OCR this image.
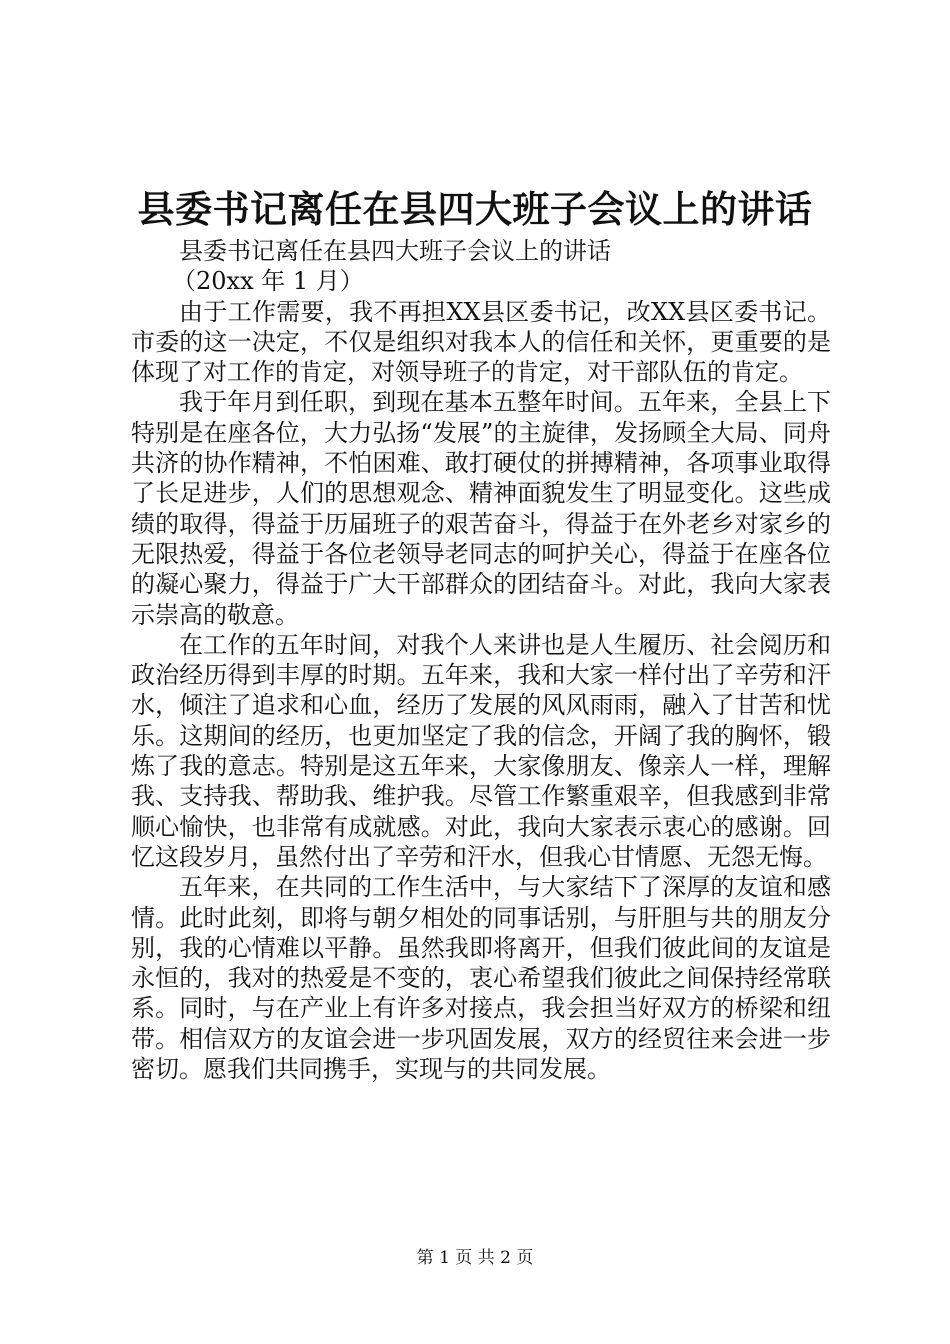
县委书记离任在县四大班子会议上的讲话

县委书记离任在县四大班子会议上的讲话

（20xx 年 1 月）

由于工作需要，我不再担XX县区委书记，改XX县区委书记。市委的这一决定，不仅是组织对我本人的信任和关怀，更重要的是体现了对工作的肯定，对领导班子的肯定，对干部队伍的肯定。

我于年月到任职，到现在基本五整年时间。五年来，全县上下特别是在座各位，大力弘扬“发展”的主旋律，发扬顾全大局、同舟共济的协作精神，不怕困难、敢打硬仗的拼搏精神，各项事业取得了长足进步，人们的思想观念、精神面貌发生了明显变化。这些成绩的取得，得益于历届班子的艰苦奋斗，得益于在外老乡对家乡的无限热爱，得益于各位老领导老同志的呵护关心，得益于在座各位的凝心聚力，得益于广大干部群众的团结奋斗。对此，我向大家表示崇高的敬意。

在工作的五年时间，对我个人来讲也是人生履历、社会阅历和政治经历得到丰厚的时期。五年来，我和大家一样付出了辛劳和汗水，倾注了追求和心血，经历了发展的风风雨雨，融入了甘苦和忧乐。这期间的经历，也更加坚定了我的信念，开阔了我的胸怀，锻炼了我的意志。特别是这五年来，大家像朋友、像亲人一样，理解我、支持我、帮助我、维护我。尽管工作繁重艰辛，但我感到非常顺心愉快，也非常有成就感。对此，我向大家表示衷心的感谢。回忆这段岁月，虽然付出了辛劳和汗水，但我心甘情愿、无怨无悔。

五年来，在共同的工作生活中，与大家结下了深厚的友谊和感情。此时此刻，即将与朝夕相处的同事话别，与肝胆与共的朋友分别，我的心情难以平静。虽然我即将离开，但我们彼此间的友谊是永恒的，我对的热爱是不变的，衷心希望我们彼此之间保持经常联系。同时，与在产业上有许多对接点，我会担当好双方的桥梁和纽带。相信双方的友谊会进一步巩固发展，双方的经贸往来会进一步密切。愿我们共同携手，实现与的共同发展。

第 1 页 共 2 页
